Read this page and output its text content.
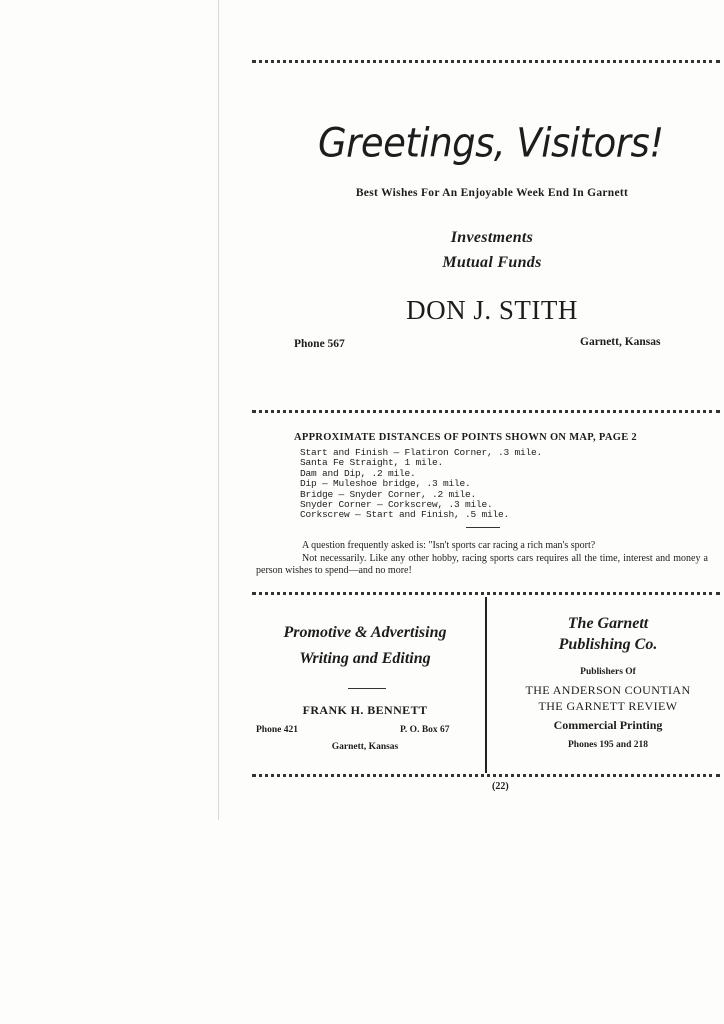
Greetings, Visitors!
Best Wishes For An Enjoyable Week End In Garnett
Investments
Mutual Funds
DON J. STITH
Phone 567	Garnett, Kansas
APPROXIMATE DISTANCES OF POINTS SHOWN ON MAP, PAGE 2
Start and Finish — Flatiron Corner, .3 mile.
Santa Fe Straight, 1 mile.
Dam and Dip, .2 mile.
Dip — Muleshoe bridge, .3 mile.
Bridge — Snyder Corner, .2 mile.
Snyder Corner — Corkscrew, .3 mile.
Corkscrew — Start and Finish, .5 mile.

A question frequently asked is: "Isn't sports car racing a rich man's sport?

Not necessarily. Like any other hobby, racing sports cars requires all the time, interest and money a person wishes to spend—and no more!

Promotive & Advertising
Writing and Editing
FRANK H. BENNETT
Phone 421	P. O. Box 67
Garnett, Kansas
The Garnett
Publishing Co.
Publishers Of
THE ANDERSON COUNTIAN
THE GARNETT REVIEW
Commercial Printing
Phones 195 and 218
(22)
